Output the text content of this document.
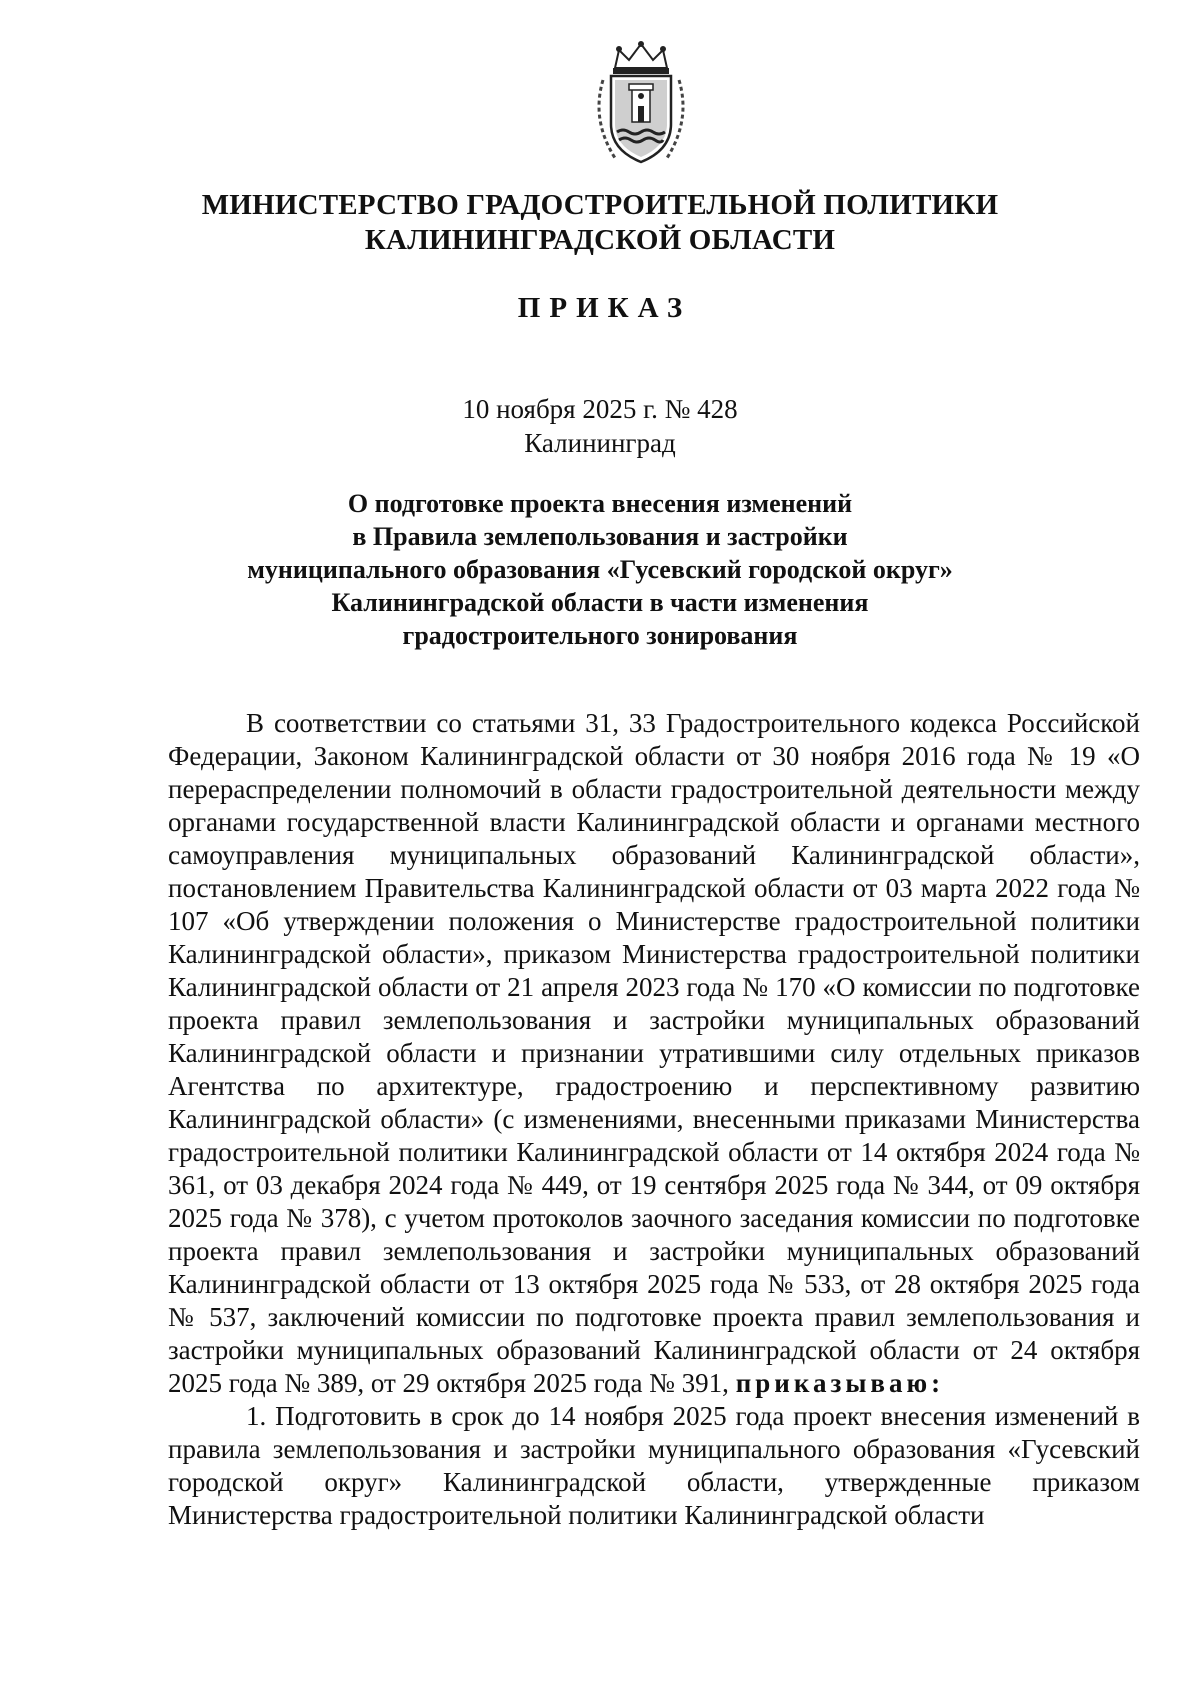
МИНИСТЕРСТВО ГРАДОСТРОИТЕЛЬНОЙ ПОЛИТИКИ
КАЛИНИНГРАДСКОЙ ОБЛАСТИ
ПРИКАЗ
10 ноября 2025 г. № 428
Калининград
О подготовке проекта внесения изменений
в Правила землепользования и застройки
муниципального образования «Гусевский городской округ»
Калининградской области в части изменения
градостроительного зонирования

В соответствии со статьями 31, 33 Градостроительного кодекса Российской Федерации, Законом Калининградской области от 30 ноября 2016 года № 19 «О перераспределении полномочий в области градостроительной деятельности между органами государственной власти Калининградской области и органами местного самоуправления муниципальных образований Калининградской области», постановлением Правительства Калининградской области от 03 марта 2022 года № 107 «Об утверждении положения о Министерстве градостроительной политики Калининградской области», приказом Министерства градостроительной политики Калининградской области от 21 апреля 2023 года № 170 «О комиссии по подготовке проекта правил землепользования и застройки муниципальных образований Калининградской области и признании утратившими силу отдельных приказов Агентства по архитектуре, градостроению и перспективному развитию Калининградской области» (с изменениями, внесенными приказами Министерства градостроительной политики Калининградской области от 14 октября 2024 года № 361, от 03 декабря 2024 года № 449, от 19 сентября 2025 года № 344, от 09 октября 2025 года № 378), с учетом протоколов заочного заседания комиссии по подготовке проекта правил землепользования и застройки муниципальных образований Калининградской области от 13 октября 2025 года № 533, от 28 октября 2025 года № 537, заключений комиссии по подготовке проекта правил землепользования и застройки муниципальных образований Калининградской области от 24 октября 2025 года № 389, от 29 октября 2025 года № 391, приказываю:

1. Подготовить в срок до 14 ноября 2025 года проект внесения изменений в правила землепользования и застройки муниципального образования «Гусевский городской округ» Калининградской области, утвержденные приказом Министерства градостроительной политики Калининградской области
